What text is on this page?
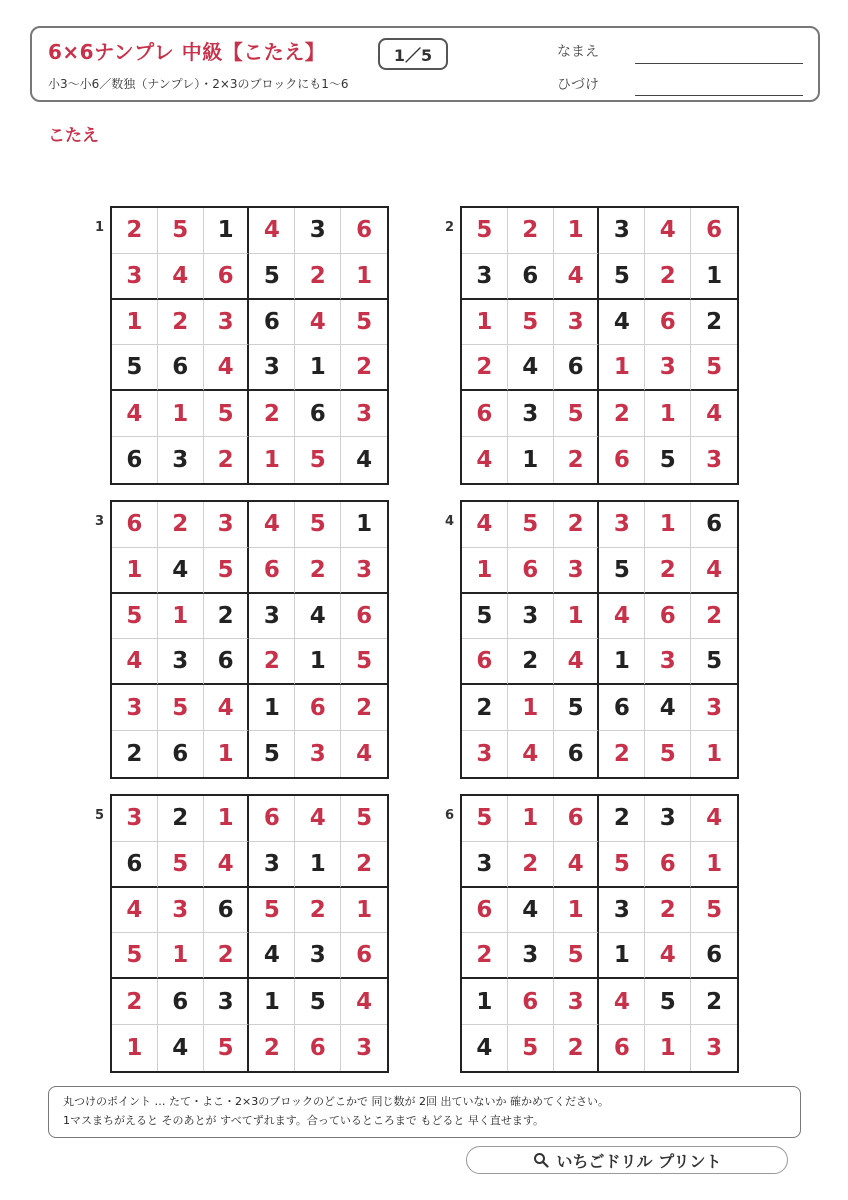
6×6ナンプレ 中級【こたえ】	1／5
小3〜小6／数独（ナンプレ）・2×3のブロックにも1〜6
なまえ
ひづけ
こたえ
1 2	5	1	4	3	6
3	4	6	5	2	1
1	2	3	6	4	5
5	6	4	3	1	2
4	1	5	2	6	3
6	3	2	1	5	4
2 5	2	1	3	4	6
3	6	4	5	2	1
1	5	3	4	6	2
2	4	6	1	3	5
6	3	5	2	1	4
4	1	2	6	5	3
3 6	2	3	4	5	1
1	4	5	6	2	3
5	1	2	3	4	6
4	3	6	2	1	5
3	5	4	1	6	2
2	6	1	5	3	4
4 4	5	2	3	1	6
1	6	3	5	2	4
5	3	1	4	6	2
6	2	4	1	3	5
2	1	5	6	4	3
3	4	6	2	5	1
5 3	2	1	6	4	5
6	5	4	3	1	2
4	3	6	5	2	1
5	1	2	4	3	6
2	6	3	1	5	4
1	4	5	2	6	3
6 5	1	6	2	3	4
3	2	4	5	6	1
6	4	1	3	2	5
2	3	5	1	4	6
1	6	3	4	5	2
4	5	2	6	1	3
丸つけのポイント … たて・よこ・2×3のブロックのどこかで 同じ数が 2回 出ていないか 確かめてください。
1マスまちがえると そのあとが すべてずれます。合っているところまで もどると 早く直せます。
いちごドリル プリント
